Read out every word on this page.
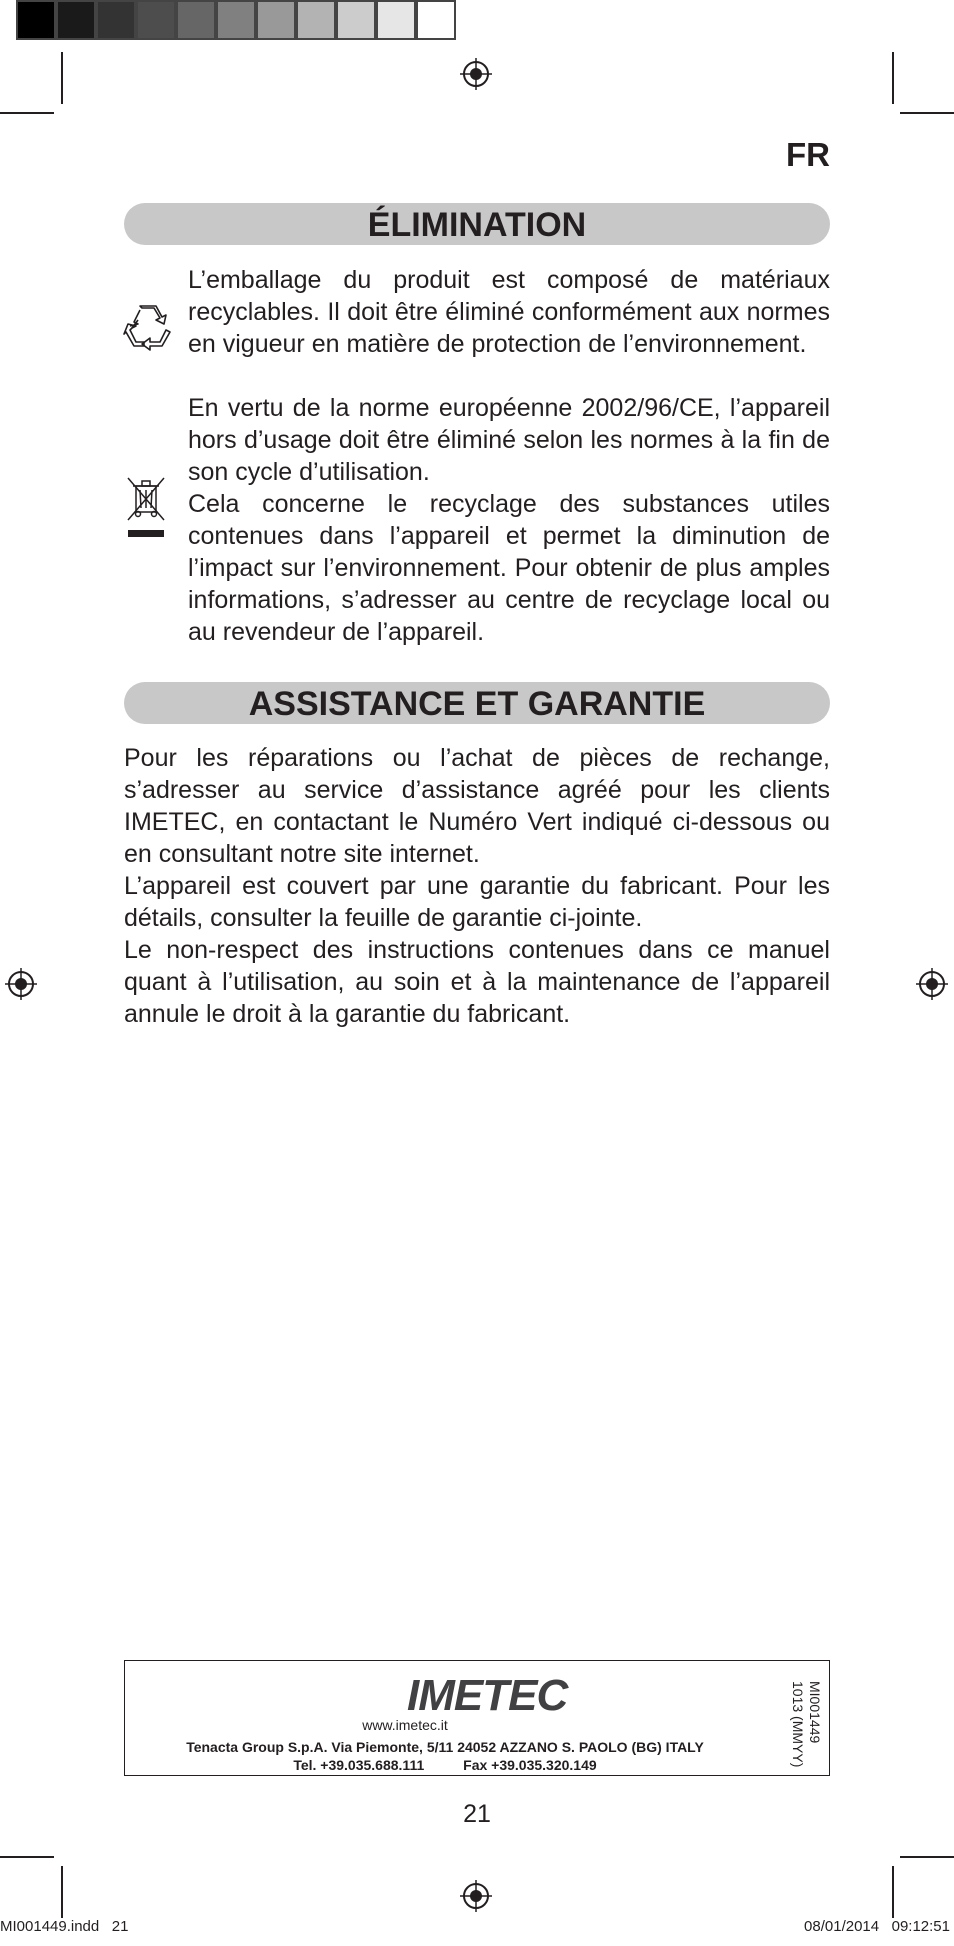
FR
ÉLIMINATION

L’emballage du produit est composé de matériaux recyclables. Il doit être éliminé conformément aux normes en vigueur en matière de protection de l’environnement.

En vertu de la norme européenne 2002/96/CE, l’appareil hors d’usage doit être éliminé selon les normes à la fin de son cycle d’utilisation.

Cela concerne le recyclage des substances utiles contenues dans l’appareil et permet la diminution de l’impact sur l’environnement. Pour obtenir de plus amples informations, s’adresser au centre de recyclage local ou au revendeur de l’appareil.

ASSISTANCE ET GARANTIE

Pour les réparations ou l’achat de pièces de rechange, s’adresser au service d’assistance agréé pour les clients IMETEC, en contactant le Numéro Vert indiqué ci-dessous ou en consultant notre site internet.

L’appareil est couvert par une garantie du fabricant. Pour les détails, consulter la feuille de garantie ci-jointe.

Le non-respect des instructions contenues dans ce manuel quant à l’utilisation, au soin et à la maintenance de l’appareil annule le droit à la garantie du fabricant.

IMETEC
www.imetec.it
Tenacta Group S.p.A. Via Piemonte, 5/11 24052 AZZANO S. PAOLO (BG) ITALY
Tel. +39.035.688.111          Fax +39.035.320.149
MI001449
1013 (MMYY)
21
MI001449.indd   21	08/01/2014   09:12:51
